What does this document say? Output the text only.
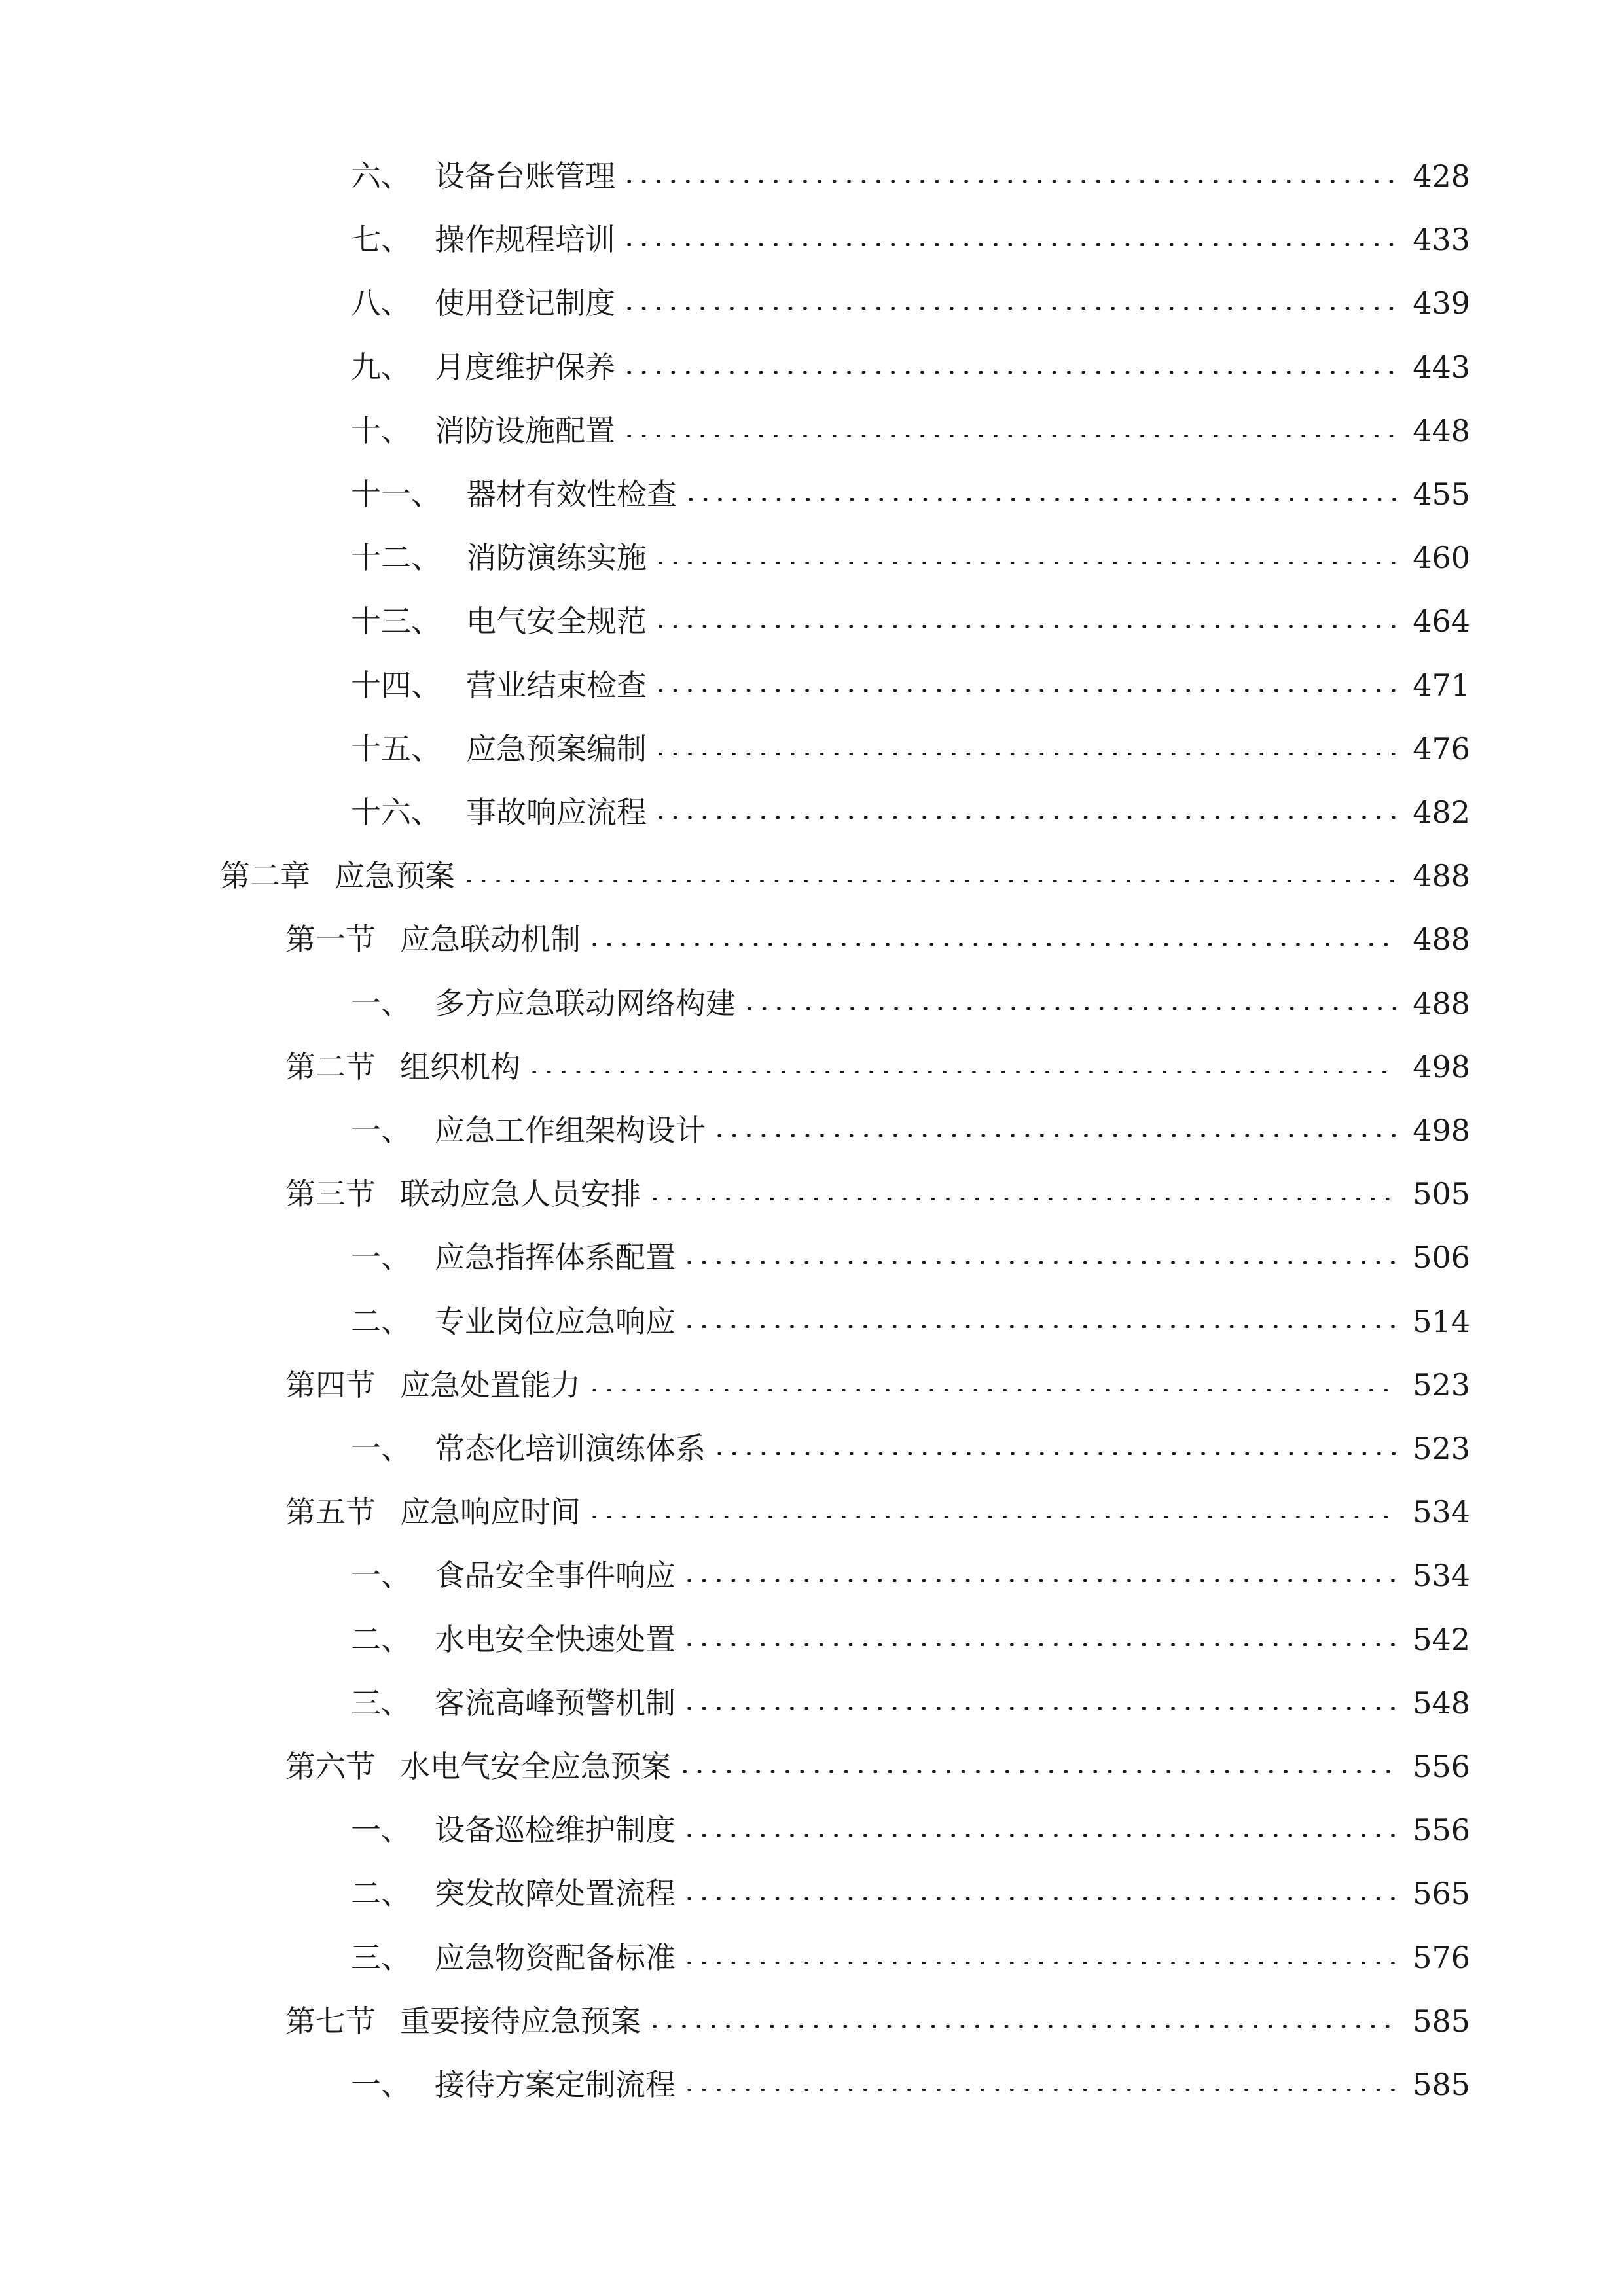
六、 设备台账管理	428
七、 操作规程培训	433
八、 使用登记制度	439
九、 月度维护保养	443
十、 消防设施配置	448
十一、 器材有效性检查	455
十二、 消防演练实施	460
十三、 电气安全规范	464
十四、 营业结束检查	471
十五、 应急预案编制	476
十六、 事故响应流程	482
第二章 应急预案	488
第一节 应急联动机制	488
一、 多方应急联动网络构建	488
第二节 组织机构	498
一、 应急工作组架构设计	498
第三节 联动应急人员安排	505
一、 应急指挥体系配置	506
二、 专业岗位应急响应	514
第四节 应急处置能力	523
一、 常态化培训演练体系	523
第五节 应急响应时间	534
一、 食品安全事件响应	534
二、 水电安全快速处置	542
三、 客流高峰预警机制	548
第六节 水电气安全应急预案	556
一、 设备巡检维护制度	556
二、 突发故障处置流程	565
三、 应急物资配备标准	576
第七节 重要接待应急预案	585
一、 接待方案定制流程	585
